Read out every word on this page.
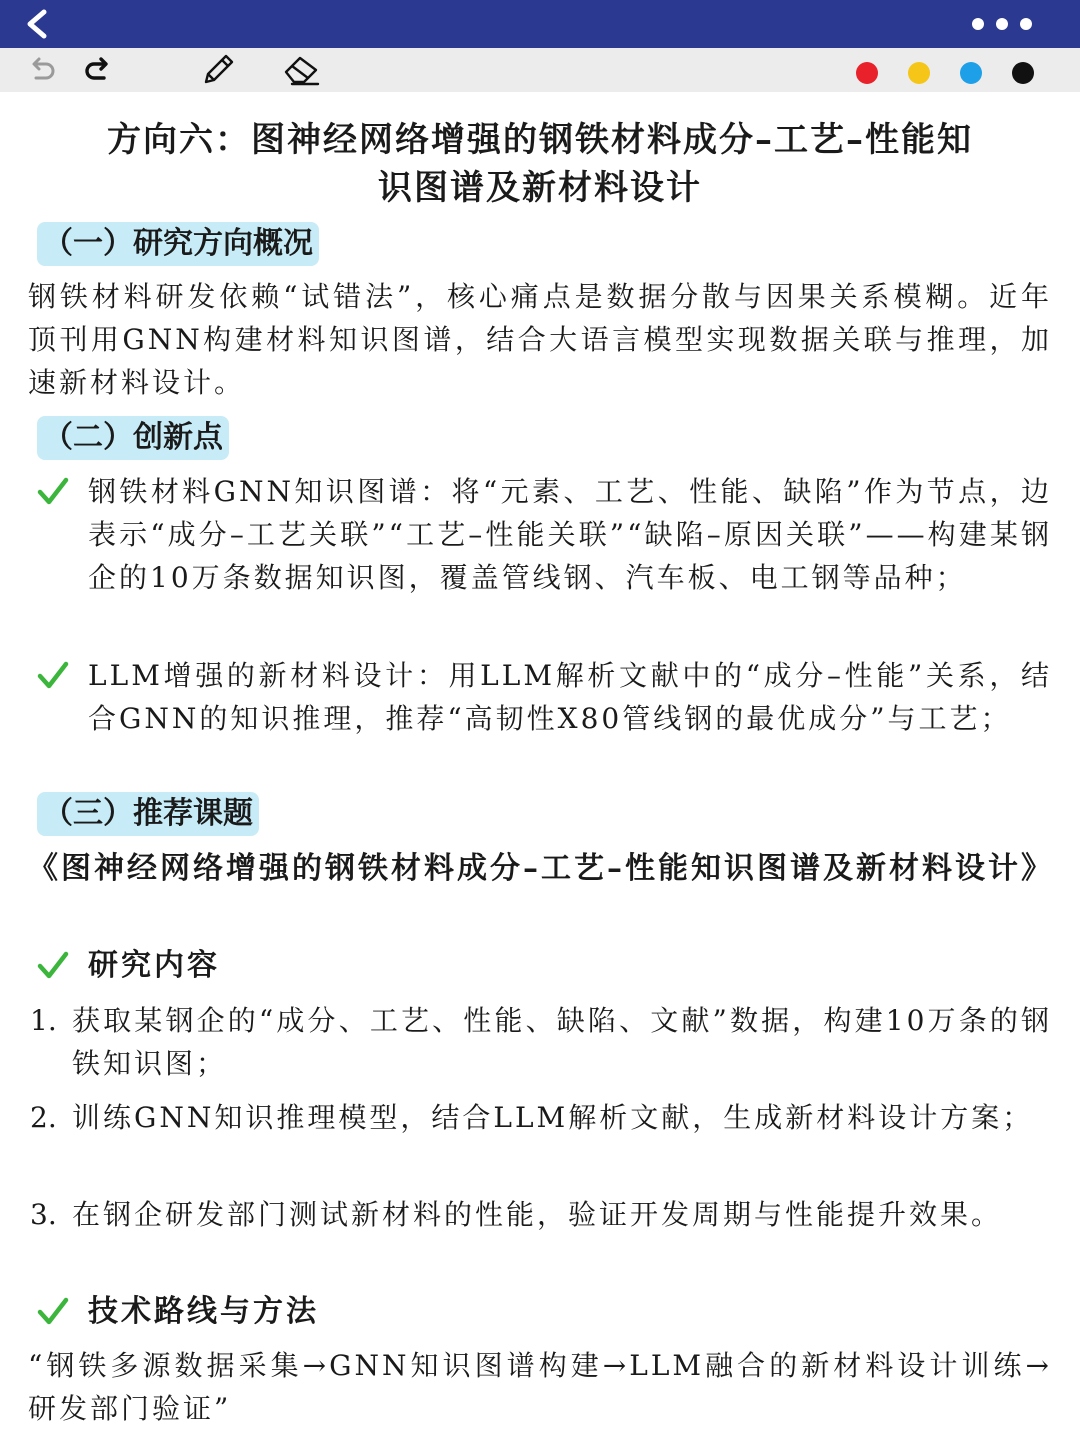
方向六：图神经网络增强的钢铁材料成分–工艺–性能知
识图谱及新材料设计
（一）研究方向概况
钢铁材料研发依赖“试错法”，核心痛点是数据分散与因果关系模糊。近年顶刊用GNN构建材料知识图谱，结合大语言模型实现数据关联与推理，加速新材料设计。
（二）创新点
钢铁材料GNN知识图谱：将“元素、工艺、性能、缺陷”作为节点，边表示“成分–工艺关联”“工艺–性能关联”“缺陷–原因关联”——构建某钢企的10万条数据知识图，覆盖管线钢、汽车板、电工钢等品种；
LLM增强的新材料设计：用LLM解析文献中的“成分–性能”关系，结合GNN的知识推理，推荐“高韧性X80管线钢的最优成分”与工艺；
（三）推荐课题
《图神经网络增强的钢铁材料成分–工艺–性能知识图谱及新材料设计》
研究内容
1. 获取某钢企的“成分、工艺、性能、缺陷、文献”数据，构建10万条的钢铁知识图；
2. 训练GNN知识推理模型，结合LLM解析文献，生成新材料设计方案；
3. 在钢企研发部门测试新材料的性能，验证开发周期与性能提升效果。
技术路线与方法
“钢铁多源数据采集→GNN知识图谱构建→LLM融合的新材料设计训练→研发部门验证”
